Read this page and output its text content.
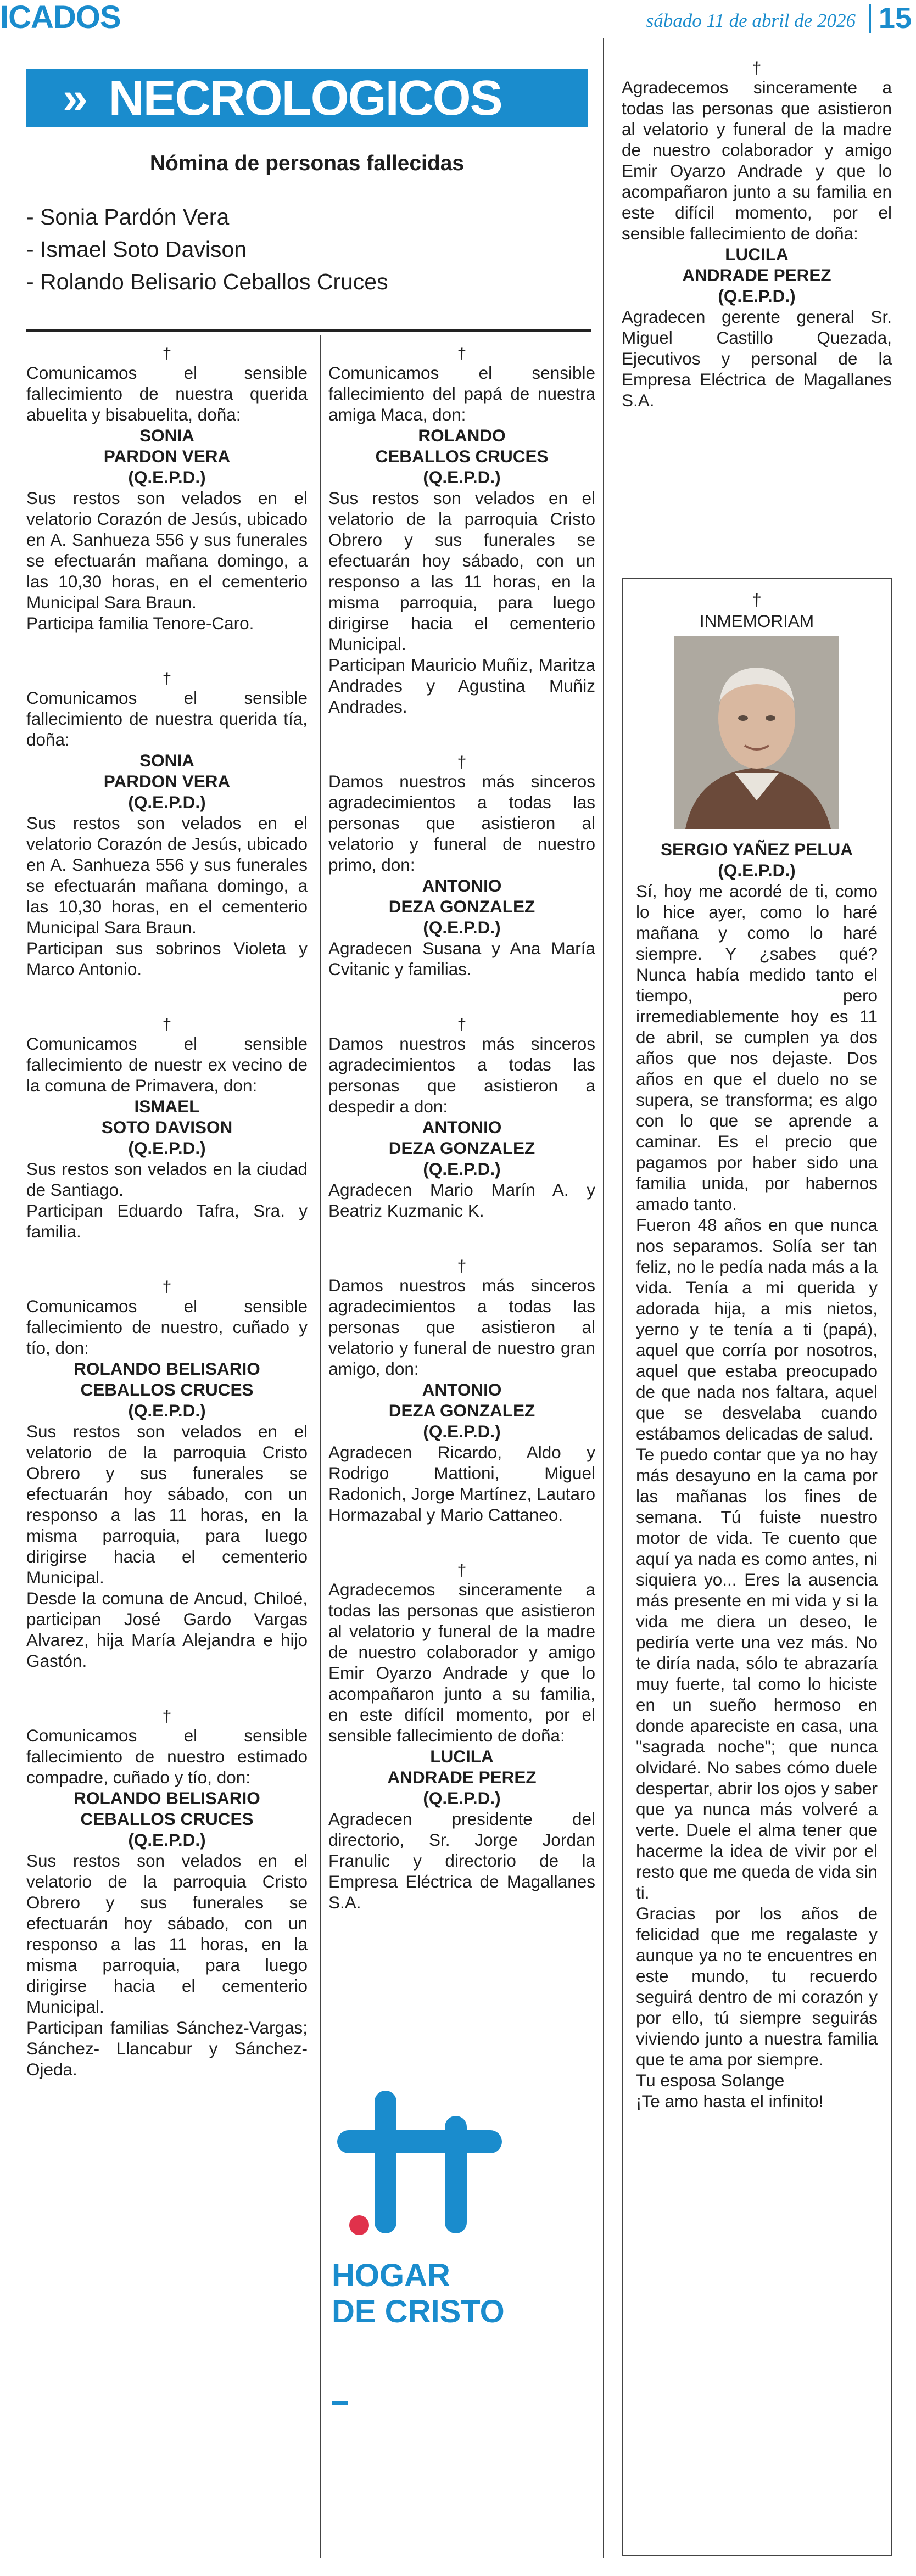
ICADOS	sábado 11 de abril de 2026 15
» NECROLOGICOS
Nómina de personas fallecidas
- Sonia Pardón Vera
- Ismael Soto Davison
- Rolando Belisario Ceballos Cruces
†

Comunicamos el sensible fallecimiento de nuestra querida abuelita y bisabuelita, doña:

SONIA
PARDON VERA
(Q.E.P.D.)

Sus restos son velados en el velatorio Corazón de Jesús, ubicado en A. Sanhueza 556 y sus funerales se efectuarán mañana domingo, a las 10,30 horas, en el cementerio Municipal Sara Braun.

Participa familia Tenore-Caro.

†

Comunicamos el sensible fallecimiento de nuestra querida tía, doña:

SONIA
PARDON VERA
(Q.E.P.D.)

Sus restos son velados en el velatorio Corazón de Jesús, ubicado en A. Sanhueza 556 y sus funerales se efectuarán mañana domingo, a las 10,30 horas, en el cementerio Municipal Sara Braun.

Participan sus sobrinos Violeta y Marco Antonio.

†

Comunicamos el sensible fallecimiento de nuestr ex vecino de la comuna de Primavera, don:

ISMAEL
SOTO DAVISON
(Q.E.P.D.)

Sus restos son velados en la ciudad de Santiago.

Participan Eduardo Tafra, Sra. y familia.

†

Comunicamos el sensible fallecimiento de nuestro, cuñado y tío, don:

ROLANDO BELISARIO
CEBALLOS CRUCES
(Q.E.P.D.)

Sus restos son velados en el velatorio de la parroquia Cristo Obrero y sus funerales se efectuarán hoy sábado, con un responso a las 11 horas, en la misma parroquia, para luego dirigirse hacia el cementerio Municipal.

Desde la comuna de Ancud, Chiloé, participan José Gardo Vargas Alvarez, hija María Alejandra e hijo Gastón.

†

Comunicamos el sensible fallecimiento de nuestro estimado compadre, cuñado y tío, don:

ROLANDO BELISARIO
CEBALLOS CRUCES
(Q.E.P.D.)

Sus restos son velados en el velatorio de la parroquia Cristo Obrero y sus funerales se efectuarán hoy sábado, con un responso a las 11 horas, en la misma parroquia, para luego dirigirse hacia el cementerio Municipal.

Participan familias Sánchez-Vargas; Sánchez- Llancabur y Sánchez- Ojeda.

†

Comunicamos el sensible fallecimiento del papá de nuestra amiga Maca, don:

ROLANDO
CEBALLOS CRUCES
(Q.E.P.D.)

Sus restos son velados en el velatorio de la parroquia Cristo Obrero y sus funerales se efectuarán hoy sábado, con un responso a las 11 horas, en la misma parroquia, para luego dirigirse hacia el cementerio Municipal.

Participan Mauricio Muñiz, Maritza Andrades y Agustina Muñiz Andrades.

†

Damos nuestros más sinceros agradecimientos a todas las personas que asistieron al velatorio y funeral de nuestro primo, don:

ANTONIO
DEZA GONZALEZ
(Q.E.P.D.)

Agradecen Susana y Ana María Cvitanic y familias.

†

Damos nuestros más sinceros agradecimientos a todas las personas que asistieron a despedir a don:

ANTONIO
DEZA GONZALEZ
(Q.E.P.D.)

Agradecen Mario Marín A. y Beatriz Kuzmanic K.

†

Damos nuestros más sinceros agradecimientos a todas las personas que asistieron al velatorio y funeral de nuestro gran amigo, don:

ANTONIO
DEZA GONZALEZ
(Q.E.P.D.)

Agradecen Ricardo, Aldo y Rodrigo Mattioni, Miguel Radonich, Jorge Martínez, Lautaro Hormazabal y Mario Cattaneo.

†

Agradecemos sinceramente a todas las personas que asistieron al velatorio y funeral de la madre de nuestro colaborador y amigo Emir Oyarzo Andrade y que lo acompañaron junto a su familia, en este difícil momento, por el sensible fallecimiento de doña:

LUCILA
ANDRADE PEREZ
(Q.E.P.D.)

Agradecen presidente del directorio, Sr. Jorge Jordan Franulic y directorio de la Empresa Eléctrica de Magallanes S.A.

HOGAR
DE CRISTO
†

Agradecemos sinceramente a todas las personas que asistieron al velatorio y funeral de la madre de nuestro colaborador y amigo Emir Oyarzo Andrade y que lo acompañaron junto a su familia en este difícil momento, por el sensible fallecimiento de doña:

LUCILA
ANDRADE PEREZ
(Q.E.P.D.)

Agradecen gerente general Sr. Miguel Castillo Quezada, Ejecutivos y personal de la Empresa Eléctrica de Magallanes S.A.

†
INMEMORIAM
SERGIO YAÑEZ PELUA
(Q.E.P.D.)

Sí, hoy me acordé de ti, como lo hice ayer, como lo haré mañana y como lo haré siempre. Y ¿sabes qué? Nunca había medido tanto el tiempo, pero irremediablemente hoy es 11 de abril, se cumplen ya dos años que nos dejaste. Dos años en que el duelo no se supera, se transforma; es algo con lo que se aprende a caminar. Es el precio que pagamos por haber sido una familia unida, por habernos amado tanto.

Fueron 48 años en que nunca nos separamos. Solía ser tan feliz, no le pedía nada más a la vida. Tenía a mi querida y adorada hija, a mis nietos, yerno y te tenía a ti (papá), aquel que corría por nosotros, aquel que estaba preocupado de que nada nos faltara, aquel que se desvelaba cuando estábamos delicadas de salud.

Te puedo contar que ya no hay más desayuno en la cama por las mañanas los fines de semana. Tú fuiste nuestro motor de vida. Te cuento que aquí ya nada es como antes, ni siquiera yo... Eres la ausencia más presente en mi vida y si la vida me diera un deseo, le pediría verte una vez más. No te diría nada, sólo te abrazaría muy fuerte, tal como lo hiciste en un sueño hermoso en donde apareciste en casa, una "sagrada noche"; que nunca olvidaré. No sabes cómo duele despertar, abrir los ojos y saber que ya nunca más volveré a verte. Duele el alma tener que hacerme la idea de vivir por el resto que me queda de vida sin ti.

Gracias por los años de felicidad que me regalaste y aunque ya no te encuentres en este mundo, tu recuerdo seguirá dentro de mi corazón y por ello, tú siempre seguirás viviendo junto a nuestra familia que te ama por siempre.

Tu esposa Solange
¡Te amo hasta el infinito!
